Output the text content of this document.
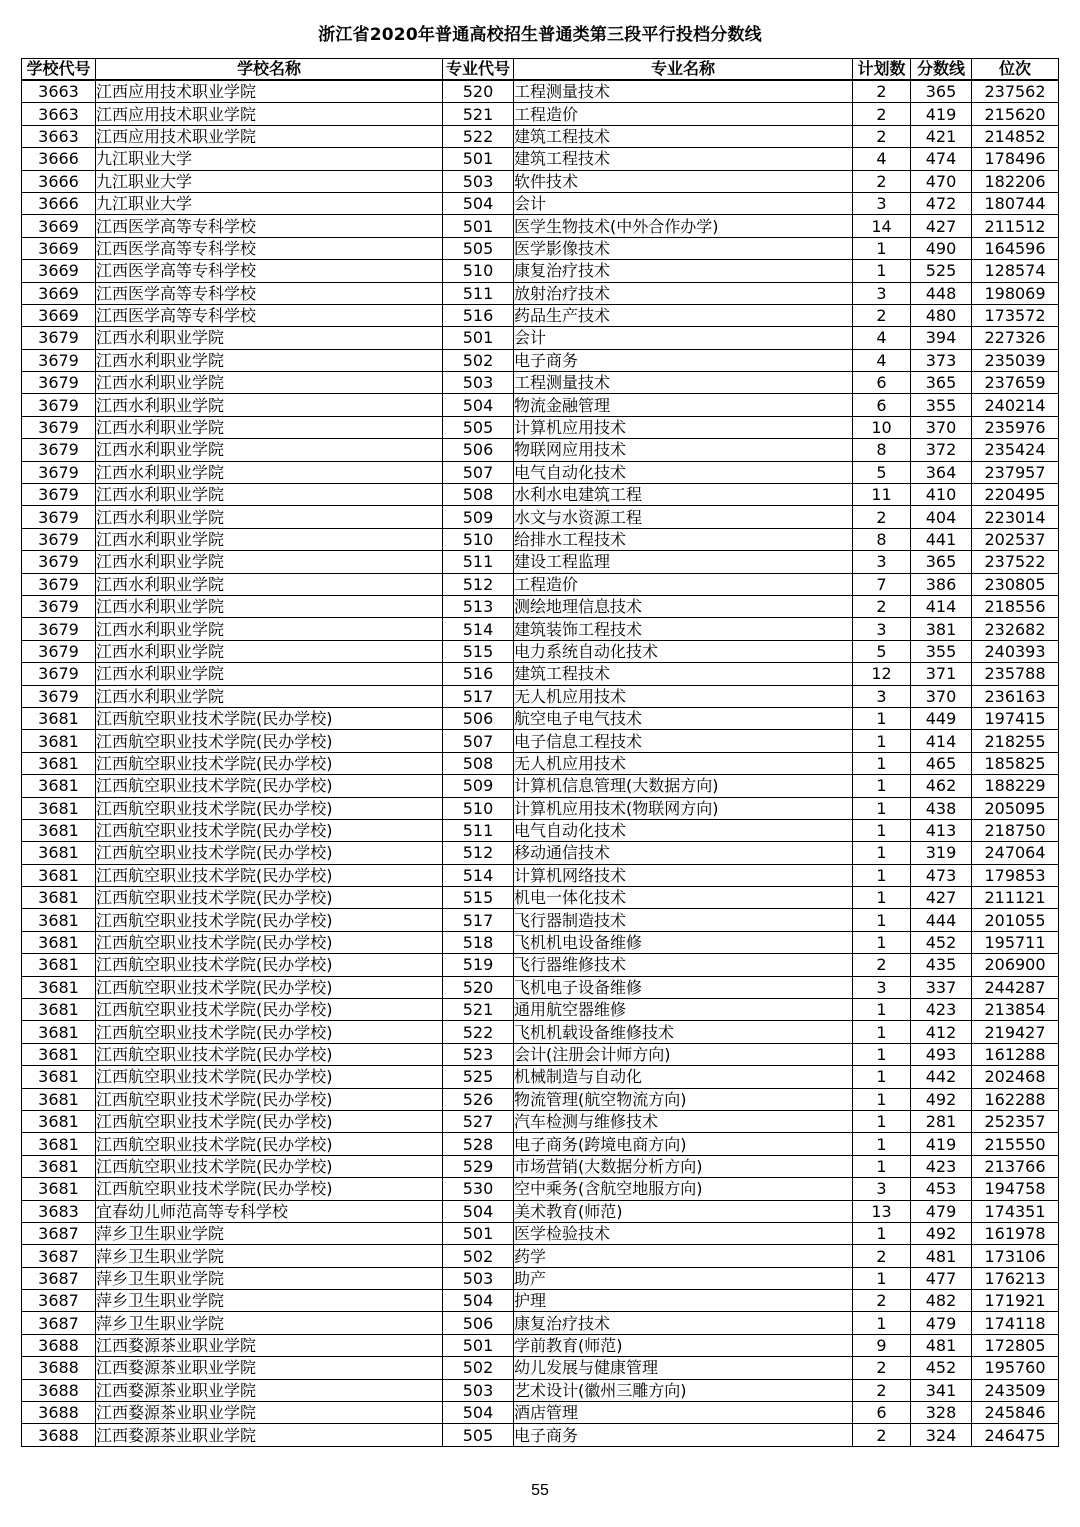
浙江省2020年普通高校招生普通类第三段平行投档分数线
学校代号	学校名称	专业代号	专业名称	计划数	分数线	位次
3663	江西应用技术职业学院	520	工程测量技术	2	365	237562
3663	江西应用技术职业学院	521	工程造价	2	419	215620
3663	江西应用技术职业学院	522	建筑工程技术	2	421	214852
3666	九江职业大学	501	建筑工程技术	4	474	178496
3666	九江职业大学	503	软件技术	2	470	182206
3666	九江职业大学	504	会计	3	472	180744
3669	江西医学高等专科学校	501	医学生物技术(中外合作办学)	14	427	211512
3669	江西医学高等专科学校	505	医学影像技术	1	490	164596
3669	江西医学高等专科学校	510	康复治疗技术	1	525	128574
3669	江西医学高等专科学校	511	放射治疗技术	3	448	198069
3669	江西医学高等专科学校	516	药品生产技术	2	480	173572
3679	江西水利职业学院	501	会计	4	394	227326
3679	江西水利职业学院	502	电子商务	4	373	235039
3679	江西水利职业学院	503	工程测量技术	6	365	237659
3679	江西水利职业学院	504	物流金融管理	6	355	240214
3679	江西水利职业学院	505	计算机应用技术	10	370	235976
3679	江西水利职业学院	506	物联网应用技术	8	372	235424
3679	江西水利职业学院	507	电气自动化技术	5	364	237957
3679	江西水利职业学院	508	水利水电建筑工程	11	410	220495
3679	江西水利职业学院	509	水文与水资源工程	2	404	223014
3679	江西水利职业学院	510	给排水工程技术	8	441	202537
3679	江西水利职业学院	511	建设工程监理	3	365	237522
3679	江西水利职业学院	512	工程造价	7	386	230805
3679	江西水利职业学院	513	测绘地理信息技术	2	414	218556
3679	江西水利职业学院	514	建筑装饰工程技术	3	381	232682
3679	江西水利职业学院	515	电力系统自动化技术	5	355	240393
3679	江西水利职业学院	516	建筑工程技术	12	371	235788
3679	江西水利职业学院	517	无人机应用技术	3	370	236163
3681	江西航空职业技术学院(民办学校)	506	航空电子电气技术	1	449	197415
3681	江西航空职业技术学院(民办学校)	507	电子信息工程技术	1	414	218255
3681	江西航空职业技术学院(民办学校)	508	无人机应用技术	1	465	185825
3681	江西航空职业技术学院(民办学校)	509	计算机信息管理(大数据方向)	1	462	188229
3681	江西航空职业技术学院(民办学校)	510	计算机应用技术(物联网方向)	1	438	205095
3681	江西航空职业技术学院(民办学校)	511	电气自动化技术	1	413	218750
3681	江西航空职业技术学院(民办学校)	512	移动通信技术	1	319	247064
3681	江西航空职业技术学院(民办学校)	514	计算机网络技术	1	473	179853
3681	江西航空职业技术学院(民办学校)	515	机电一体化技术	1	427	211121
3681	江西航空职业技术学院(民办学校)	517	飞行器制造技术	1	444	201055
3681	江西航空职业技术学院(民办学校)	518	飞机机电设备维修	1	452	195711
3681	江西航空职业技术学院(民办学校)	519	飞行器维修技术	2	435	206900
3681	江西航空职业技术学院(民办学校)	520	飞机电子设备维修	3	337	244287
3681	江西航空职业技术学院(民办学校)	521	通用航空器维修	1	423	213854
3681	江西航空职业技术学院(民办学校)	522	飞机机载设备维修技术	1	412	219427
3681	江西航空职业技术学院(民办学校)	523	会计(注册会计师方向)	1	493	161288
3681	江西航空职业技术学院(民办学校)	525	机械制造与自动化	1	442	202468
3681	江西航空职业技术学院(民办学校)	526	物流管理(航空物流方向)	1	492	162288
3681	江西航空职业技术学院(民办学校)	527	汽车检测与维修技术	1	281	252357
3681	江西航空职业技术学院(民办学校)	528	电子商务(跨境电商方向)	1	419	215550
3681	江西航空职业技术学院(民办学校)	529	市场营销(大数据分析方向)	1	423	213766
3681	江西航空职业技术学院(民办学校)	530	空中乘务(含航空地服方向)	3	453	194758
3683	宜春幼儿师范高等专科学校	504	美术教育(师范)	13	479	174351
3687	萍乡卫生职业学院	501	医学检验技术	1	492	161978
3687	萍乡卫生职业学院	502	药学	2	481	173106
3687	萍乡卫生职业学院	503	助产	1	477	176213
3687	萍乡卫生职业学院	504	护理	2	482	171921
3687	萍乡卫生职业学院	506	康复治疗技术	1	479	174118
3688	江西婺源茶业职业学院	501	学前教育(师范)	9	481	172805
3688	江西婺源茶业职业学院	502	幼儿发展与健康管理	2	452	195760
3688	江西婺源茶业职业学院	503	艺术设计(徽州三雕方向)	2	341	243509
3688	江西婺源茶业职业学院	504	酒店管理	6	328	245846
3688	江西婺源茶业职业学院	505	电子商务	2	324	246475
55
